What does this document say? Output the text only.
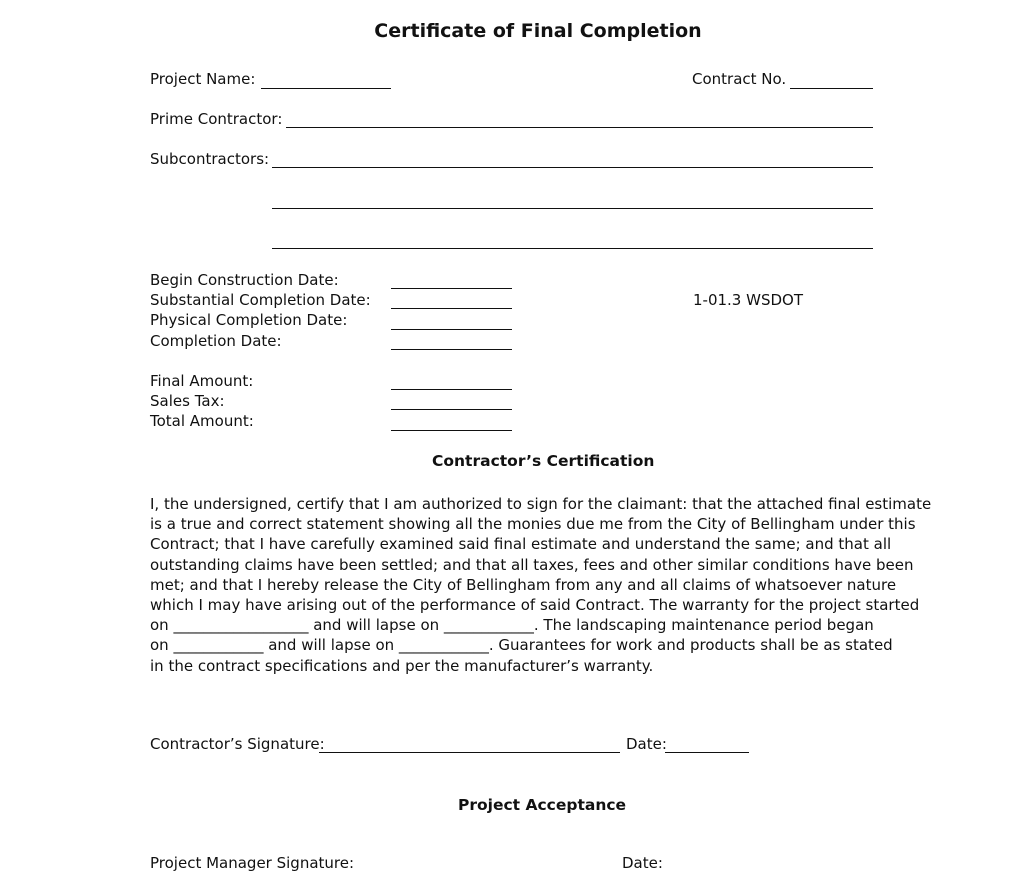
Certificate of Final Completion
Project Name:	Contract No.
Prime Contractor:
Subcontractors:
Begin Construction Date:
Substantial Completion Date:	1-01.3 WSDOT
Physical Completion Date:
Completion Date:
Final Amount:
Sales Tax:
Total Amount:
Contractor’s Certification
I, the undersigned, certify that I am authorized to sign for the claimant: that the attached final estimate
is a true and correct statement showing all the monies due me from the City of Bellingham under this
Contract; that I have carefully examined said final estimate and understand the same; and that all
outstanding claims have been settled; and that all taxes, fees and other similar conditions have been
met; and that I hereby release the City of Bellingham from any and all claims of whatsoever nature
which I may have arising out of the performance of said Contract. The warranty for the project started
on __________________ and will lapse on ____________. The landscaping maintenance period began
on ____________ and will lapse on ____________. Guarantees for work and products shall be as stated
in the contract specifications and per the manufacturer’s warranty.
Contractor’s Signature:	Date:
Project Acceptance
Project Manager Signature:	Date:
